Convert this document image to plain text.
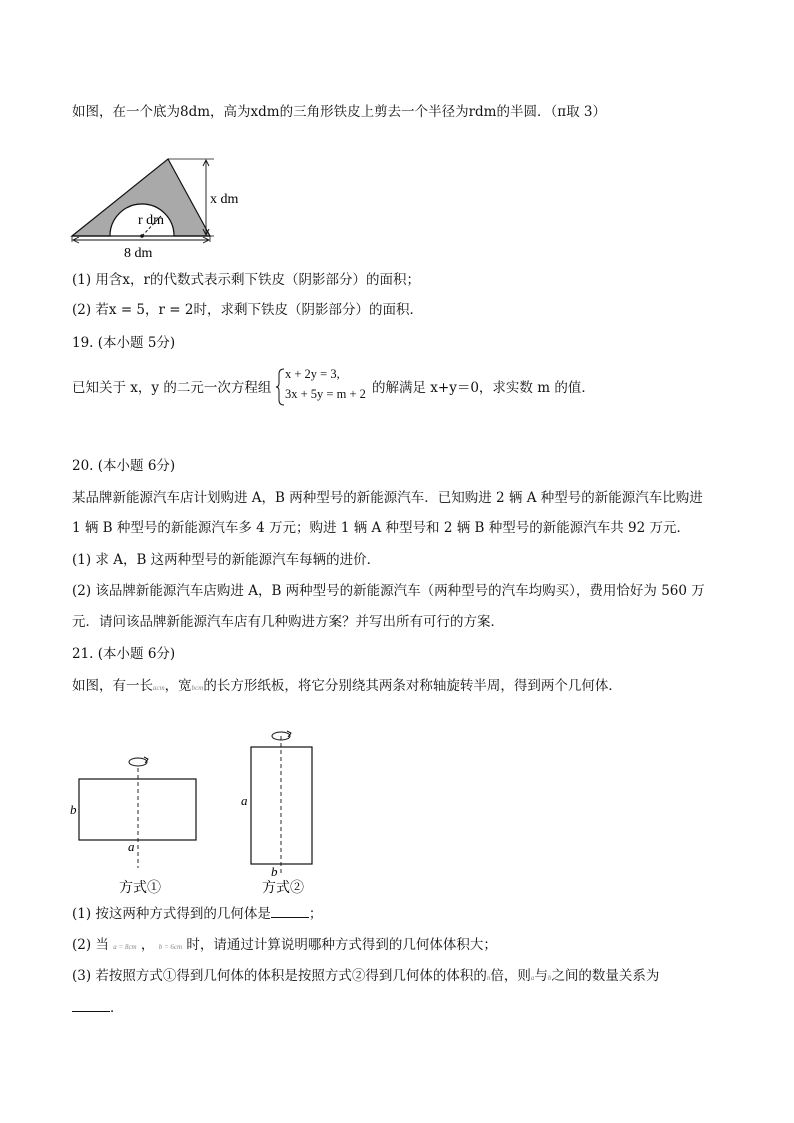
如图，在一个底为8dm，高为xdm的三角形铁皮上剪去一个半径为rdm的半圆．（π取 3）
r dm
x dm
8 dm
(1) 用含x，r的代数式表示剩下铁皮（阴影部分）的面积；
(2) 若x = 5，r = 2时，求剩下铁皮（阴影部分）的面积．
19. (本小题 5分)
已知关于 x，y 的二元一次方程组
x + 2y = 3,
3x + 5y = m + 2 的解满足 x+y＝0，求实数 m 的值．
20. (本小题 6分)
某品牌新能源汽车店计划购进 A，B 两种型号的新能源汽车．已知购进 2 辆 A 种型号的新能源汽车比购进
1 辆 B 种型号的新能源汽车多 4 万元；购进 1 辆 A 种型号和 2 辆 B 种型号的新能源汽车共 92 万元．
(1) 求 A，B 这两种型号的新能源汽车每辆的进价．
(2) 该品牌新能源汽车店购进 A，B 两种型号的新能源汽车（两种型号的汽车均购买），费用恰好为 560 万
元．请问该品牌新能源汽车店有几种购进方案？并写出所有可行的方案．
21. (本小题 6分)
如图，有一长acm，宽bcm的长方形纸板，将它分别绕其两条对称轴旋转半周，得到两个几何体．
b
a
方式①
a
b
方式②
(1) 按这两种方式得到的几何体是	；
(2) 当 a = 8cm ， b = 6cm 时，请通过计算说明哪种方式得到的几何体体积大；
(3) 若按照方式①得到几何体的体积是按照方式②得到几何体的体积的n倍，则a与b之间的数量关系为
．
